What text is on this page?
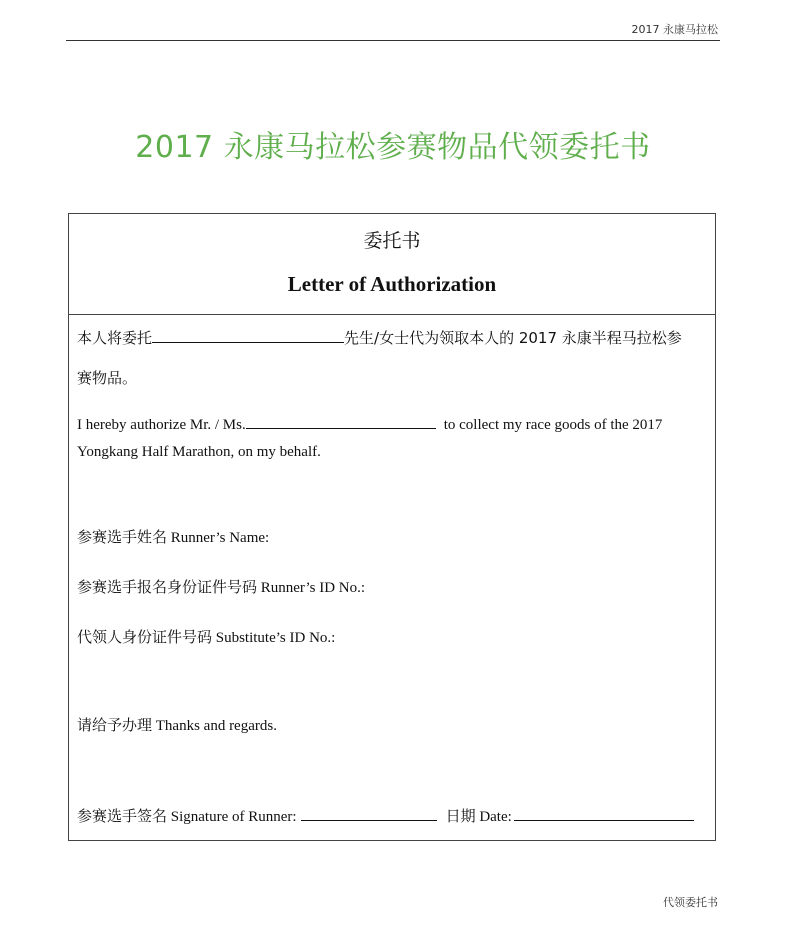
2017 永康马拉松
2017 永康马拉松参赛物品代领委托书
委托书
Letter of Authorization
本人将委托	先生/女士代为领取本人的 2017 永康半程马拉松参
赛物品。
I hereby authorize Mr. / Ms.	to collect my race goods of the 2017
Yongkang Half Marathon, on my behalf.
参赛选手姓名 Runner’s Name:
参赛选手报名身份证件号码 Runner’s ID No.:
代领人身份证件号码 Substitute’s ID No.:
请给予办理 Thanks and regards.
参赛选手签名 Signature of Runner:	日期 Date:
代领委托书
